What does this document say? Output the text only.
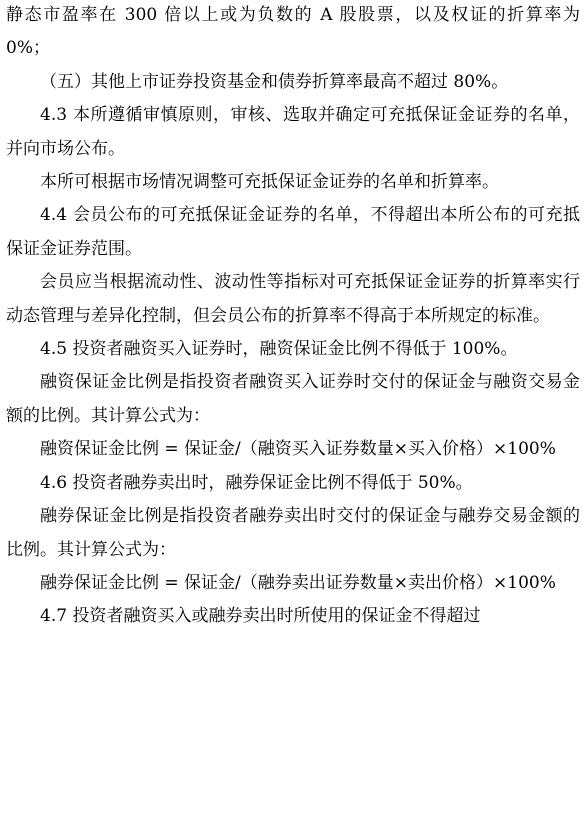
静态市盈率在 300 倍以上或为负数的 A 股股票，以及权证的折算率为 0%；

（五）其他上市证券投资基金和债券折算率最高不超过 80%。

4.3 本所遵循审慎原则，审核、选取并确定可充抵保证金证券的名单，并向市场公布。

本所可根据市场情况调整可充抵保证金证券的名单和折算率。

4.4 会员公布的可充抵保证金证券的名单，不得超出本所公布的可充抵保证金证券范围。

会员应当根据流动性、波动性等指标对可充抵保证金证券的折算率实行动态管理与差异化控制，但会员公布的折算率不得高于本所规定的标准。

4.5 投资者融资买入证券时，融资保证金比例不得低于 100%。

融资保证金比例是指投资者融资买入证券时交付的保证金与融资交易金额的比例。其计算公式为：

融资保证金比例 = 保证金/（融资买入证券数量×买入价格）×100%

4.6 投资者融券卖出时，融券保证金比例不得低于 50%。

融券保证金比例是指投资者融券卖出时交付的保证金与融券交易金额的比例。其计算公式为：

融券保证金比例 = 保证金/（融券卖出证券数量×卖出价格）×100%

4.7 投资者融资买入或融券卖出时所使用的保证金不得超过
